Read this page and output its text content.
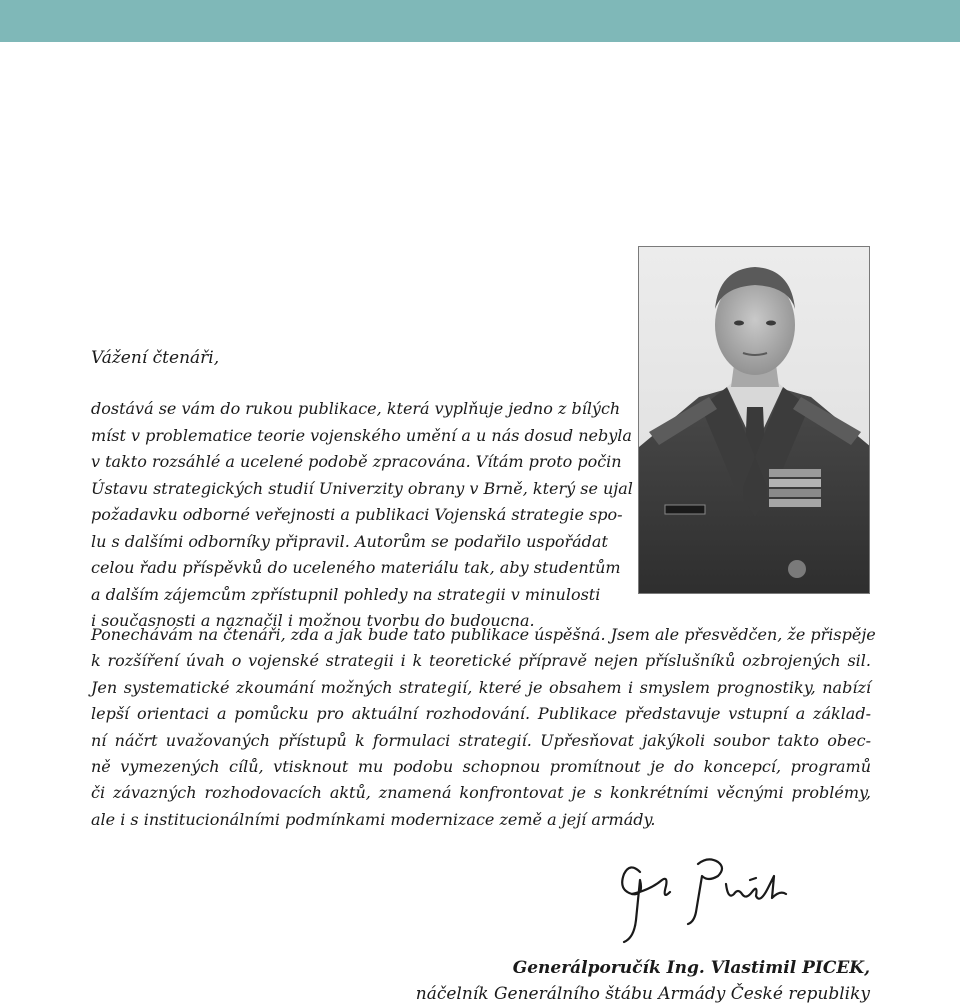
Vážení čtenáři,

dostává se vám do rukou publikace, která vyplňuje jedno z bílých
míst v problematice teorie vojenského umění a u nás dosud nebyla
v takto rozsáhlé a ucelené podobě zpracována. Vítám proto počin
Ústavu strategických studií Univerzity obrany v Brně, který se ujal
požadavku odborné veřejnosti a publikaci Vojenská strategie spo-
lu s dalšími odborníky připravil. Autorům se podařilo uspořádat
celou řadu příspěvků do uceleného materiálu tak, aby studentům
a dalším zájemcům zpřístupnil pohledy na strategii v minulosti
i současnosti a naznačil i možnou tvorbu do budoucna.

Ponechávám na čtenáři, zda a jak bude tato publikace úspěšná. Jsem ale přesvědčen, že přispěje
k rozšíření úvah o vojenské strategii i k teoretické přípravě nejen příslušníků ozbrojených sil.
Jen systematické zkoumání možných strategií, které je obsahem i smyslem prognostiky, nabízí
lepší orientaci a pomůcku pro aktuální rozhodování. Publikace představuje vstupní a základ-
ní náčrt uvažovaných přístupů k formulaci strategií. Upřesňovat jakýkoli soubor takto obec-
ně vymezených cílů, vtisknout mu podobu schopnou promítnout je do koncepcí, programů
či závazných rozhodovacích aktů, znamená konfrontovat je s konkrétními věcnými problémy,
ale i s institucionálními podmínkami modernizace země a její armády.

Generálporučík Ing. Vlastimil PICEK,

náčelník Generálního štábu Armády České republiky
